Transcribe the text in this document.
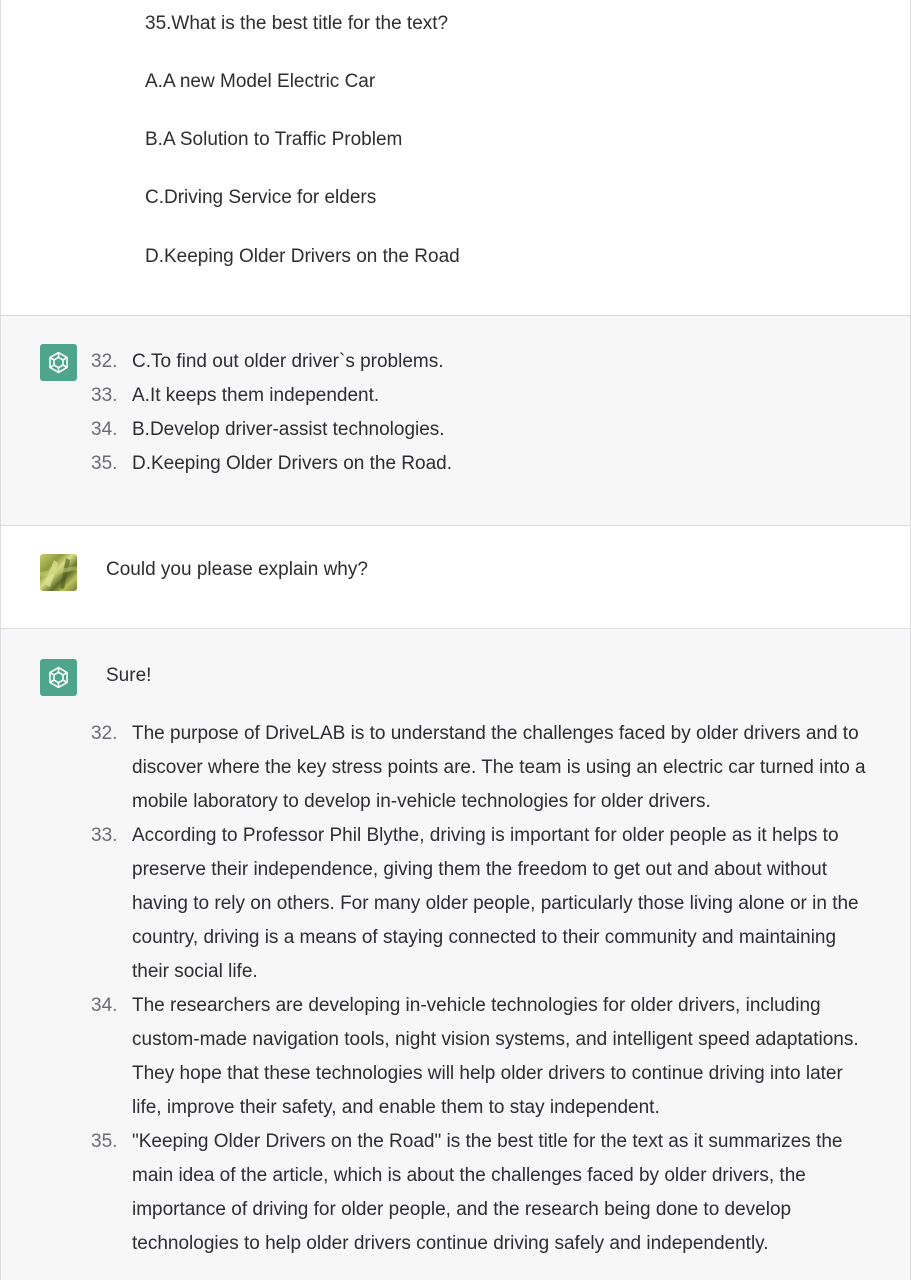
35.What is the best title for the text?
A.A new Model Electric Car
B.A Solution to Traffic Problem
C.Driving Service for elders
D.Keeping Older Drivers on the Road
32. C.To find out older driver`s problems.
33. A.It keeps them independent.
34. B.Develop driver-assist technologies.
35. D.Keeping Older Drivers on the Road.
Could you please explain why?
Sure!
32. The purpose of DriveLAB is to understand the challenges faced by older drivers and to
discover where the key stress points are. The team is using an electric car turned into a
mobile laboratory to develop in-vehicle technologies for older drivers.
33. According to Professor Phil Blythe, driving is important for older people as it helps to
preserve their independence, giving them the freedom to get out and about without
having to rely on others. For many older people, particularly those living alone or in the
country, driving is a means of staying connected to their community and maintaining
their social life.
34. The researchers are developing in-vehicle technologies for older drivers, including
custom-made navigation tools, night vision systems, and intelligent speed adaptations.
They hope that these technologies will help older drivers to continue driving into later
life, improve their safety, and enable them to stay independent.
35. "Keeping Older Drivers on the Road" is the best title for the text as it summarizes the
main idea of the article, which is about the challenges faced by older drivers, the
importance of driving for older people, and the research being done to develop
technologies to help older drivers continue driving safely and independently.
